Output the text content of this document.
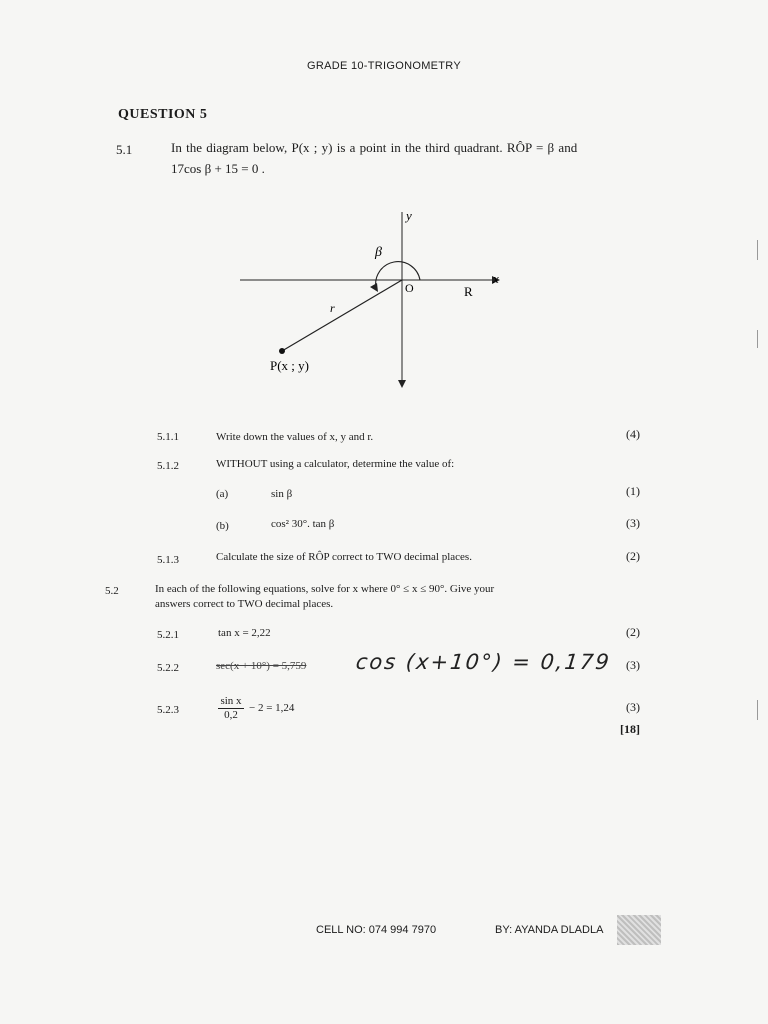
GRADE 10-TRIGONOMETRY
QUESTION 5
5.1	In the diagram below, P(x ; y) is a point in the third quadrant. RÔP = β and
17cos β + 15 = 0 .
y
x
O	R
r
β
P(x ; y)
5.1.1	Write down the values of x, y and r.	(4)
5.1.2	WITHOUT using a calculator, determine the value of:
(a)	sin β	(1)
(b)	cos² 30°. tan β	(3)
5.1.3	Calculate the size of RÔP correct to TWO decimal places.	(2)
5.2	In each of the following equations, solve for x where 0° ≤ x ≤ 90°. Give your
answers correct to TWO decimal places.
5.2.1	tan x = 2,22	(2)
5.2.2	sec(x + 10°) = 5,759 cos (x+10°) = 0,179 (3)
5.2.3	$\frac{\text{sin x}}{0,2} - 2 = 1,24$	(3)
[18]
CELL NO: 074 994 7970	BY: AYANDA DLADLA
